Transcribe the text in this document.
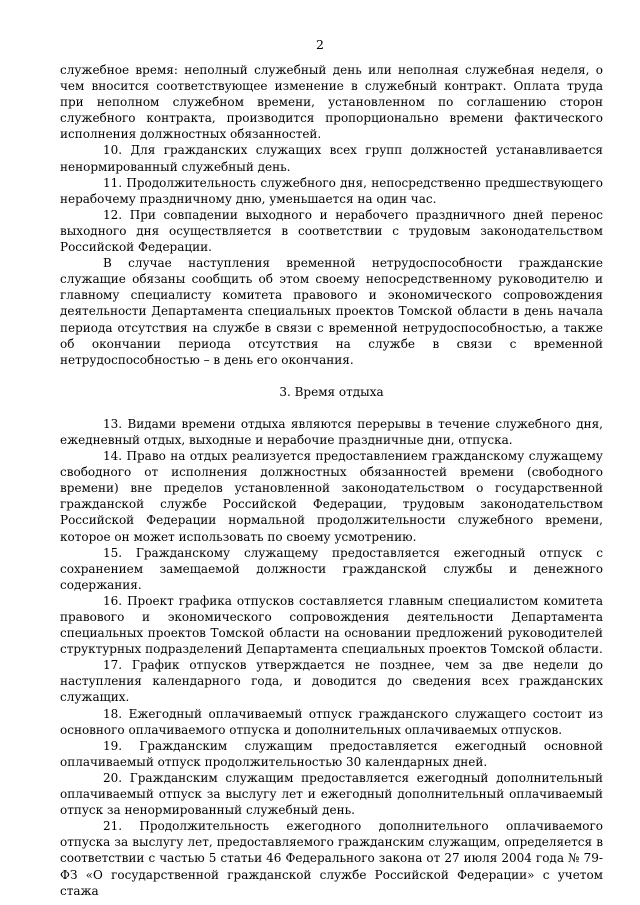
2

служебное время: неполный служебный день или неполная служебная неделя, о чем вносится соответствующее изменение в служебный контракт. Оплата труда при неполном служебном времени, установленном по соглашению сторон служебного контракта, производится пропорционально времени фактического исполнения должностных обязанностей.

10. Для гражданских служащих всех групп должностей устанавливается ненормированный служебный день.

11. Продолжительность служебного дня, непосредственно предшествующего нерабочему праздничному дню, уменьшается на один час.

12. При совпадении выходного и нерабочего праздничного дней перенос выходного дня осуществляется в соответствии с трудовым законодательством Российской Федерации.

В случае наступления временной нетрудоспособности гражданские служащие обязаны сообщить об этом своему непосредственному руководителю и главному специалисту комитета правового и экономического сопровождения деятельности Департамента специальных проектов Томской области в день начала периода отсутствия на службе в связи с временной нетрудоспособностью, а также об окончании периода отсутствия на службе в связи с временной нетрудоспособностью – в день его окончания.

3. Время отдыха

13. Видами времени отдыха являются перерывы в течение служебного дня, ежедневный отдых, выходные и нерабочие праздничные дни, отпуска.

14. Право на отдых реализуется предоставлением гражданскому служащему свободного от исполнения должностных обязанностей времени (свободного времени) вне пределов установленной законодательством о государственной гражданской службе Российской Федерации, трудовым законодательством Российской Федерации нормальной продолжительности служебного времени, которое он может использовать по своему усмотрению.

15. Гражданскому служащему предоставляется ежегодный отпуск с сохранением замещаемой должности гражданской службы и денежного содержания.

16. Проект графика отпусков составляется главным специалистом комитета правового и экономического сопровождения деятельности Департамента специальных проектов Томской области на основании предложений руководителей структурных подразделений Департамента специальных проектов Томской области.

17. График отпусков утверждается не позднее, чем за две недели до наступления календарного года, и доводится до сведения всех гражданских служащих.

18. Ежегодный оплачиваемый отпуск гражданского служащего состоит из основного оплачиваемого отпуска и дополнительных оплачиваемых отпусков.

19. Гражданским служащим предоставляется ежегодный основной оплачиваемый отпуск продолжительностью 30 календарных дней.

20. Гражданским служащим предоставляется ежегодный дополнительный оплачиваемый отпуск за выслугу лет и ежегодный дополнительный оплачиваемый отпуск за ненормированный служебный день.

21. Продолжительность ежегодного дополнительного оплачиваемого отпуска за выслугу лет, предоставляемого гражданским служащим, определяется в соответствии с частью 5 статьи 46 Федерального закона от 27 июля 2004 года № 79-ФЗ «О государственной гражданской службе Российской Федерации» с учетом стажа
